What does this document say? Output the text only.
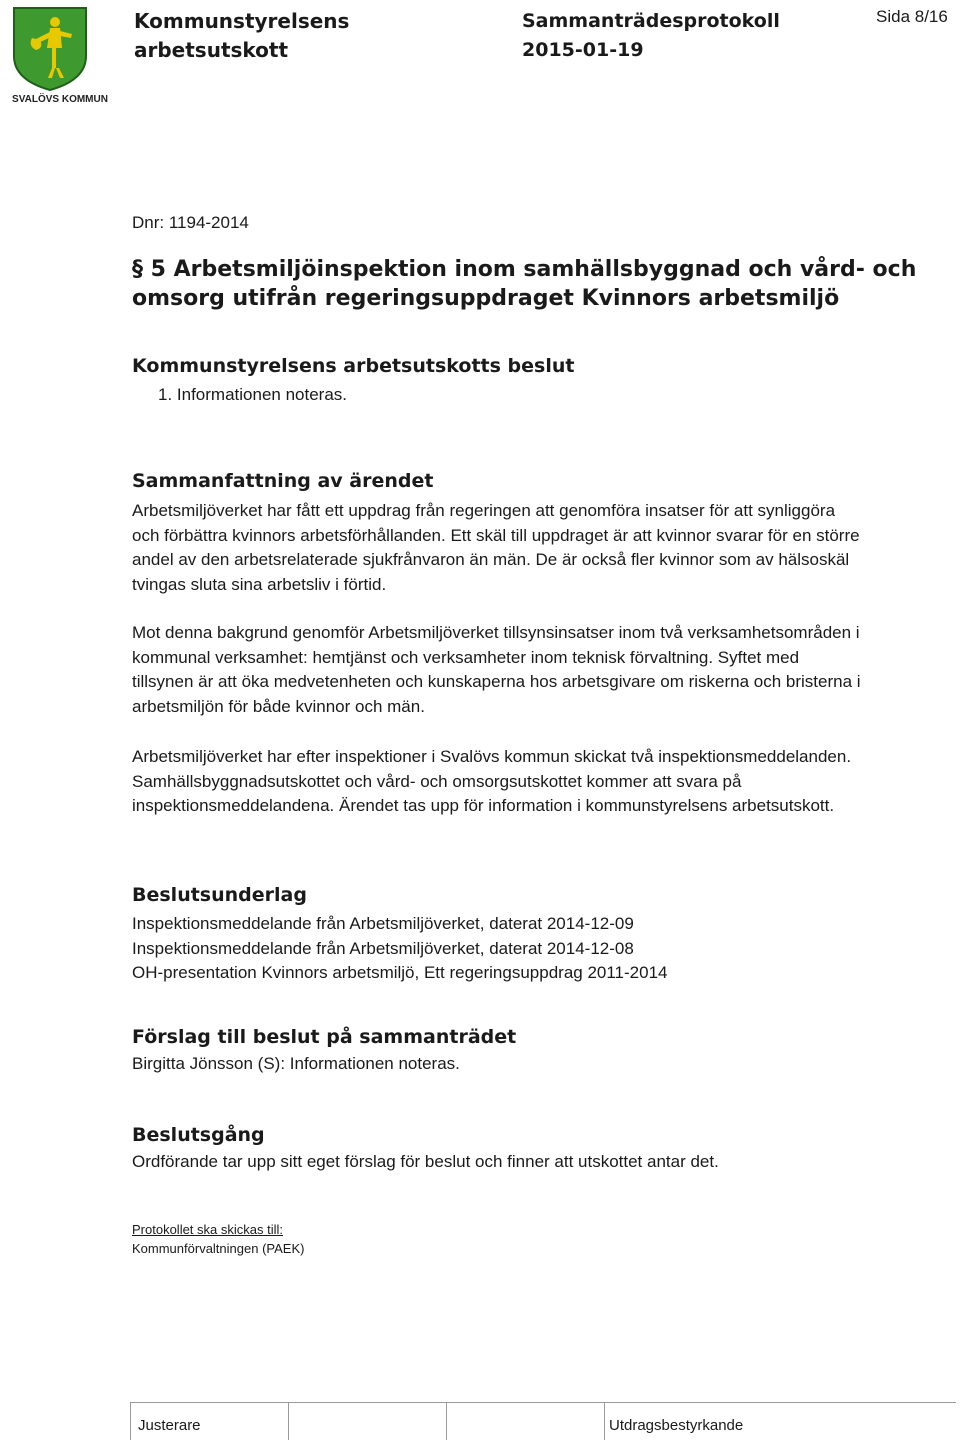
SVALÖVS KOMMUN
Kommunstyrelsens
arbetsutskott
Sammanträdesprotokoll
2015-01-19
Sida 8/16
Dnr: 1194-2014
§ 5 Arbetsmiljöinspektion inom samhällsbyggnad och vård- och
omsorg utifrån regeringsuppdraget Kvinnors arbetsmiljö
Kommunstyrelsens arbetsutskotts beslut
1. Informationen noteras.
Sammanfattning av ärendet
Arbetsmiljöverket har fått ett uppdrag från regeringen att genomföra insatser för att synliggöra
och förbättra kvinnors arbetsförhållanden. Ett skäl till uppdraget är att kvinnor svarar för en större
andel av den arbetsrelaterade sjukfrånvaron än män. De är också fler kvinnor som av hälsoskäl
tvingas sluta sina arbetsliv i förtid.
Mot denna bakgrund genomför Arbetsmiljöverket tillsynsinsatser inom två verksamhetsområden i
kommunal verksamhet: hemtjänst och verksamheter inom teknisk förvaltning. Syftet med
tillsynen är att öka medvetenheten och kunskaperna hos arbetsgivare om riskerna och bristerna i
arbetsmiljön för både kvinnor och män.
Arbetsmiljöverket har efter inspektioner i Svalövs kommun skickat två inspektionsmeddelanden.
Samhällsbyggnadsutskottet och vård- och omsorgsutskottet kommer att svara på
inspektionsmeddelandena. Ärendet tas upp för information i kommunstyrelsens arbetsutskott.
Beslutsunderlag
Inspektionsmeddelande från Arbetsmiljöverket, daterat 2014-12-09
Inspektionsmeddelande från Arbetsmiljöverket, daterat 2014-12-08
OH-presentation Kvinnors arbetsmiljö, Ett regeringsuppdrag 2011-2014
Förslag till beslut på sammanträdet
Birgitta Jönsson (S): Informationen noteras.
Beslutsgång
Ordförande tar upp sitt eget förslag för beslut och finner att utskottet antar det.
Protokollet ska skickas till:
Kommunförvaltningen (PAEK)
Justerare	Utdragsbestyrkande
